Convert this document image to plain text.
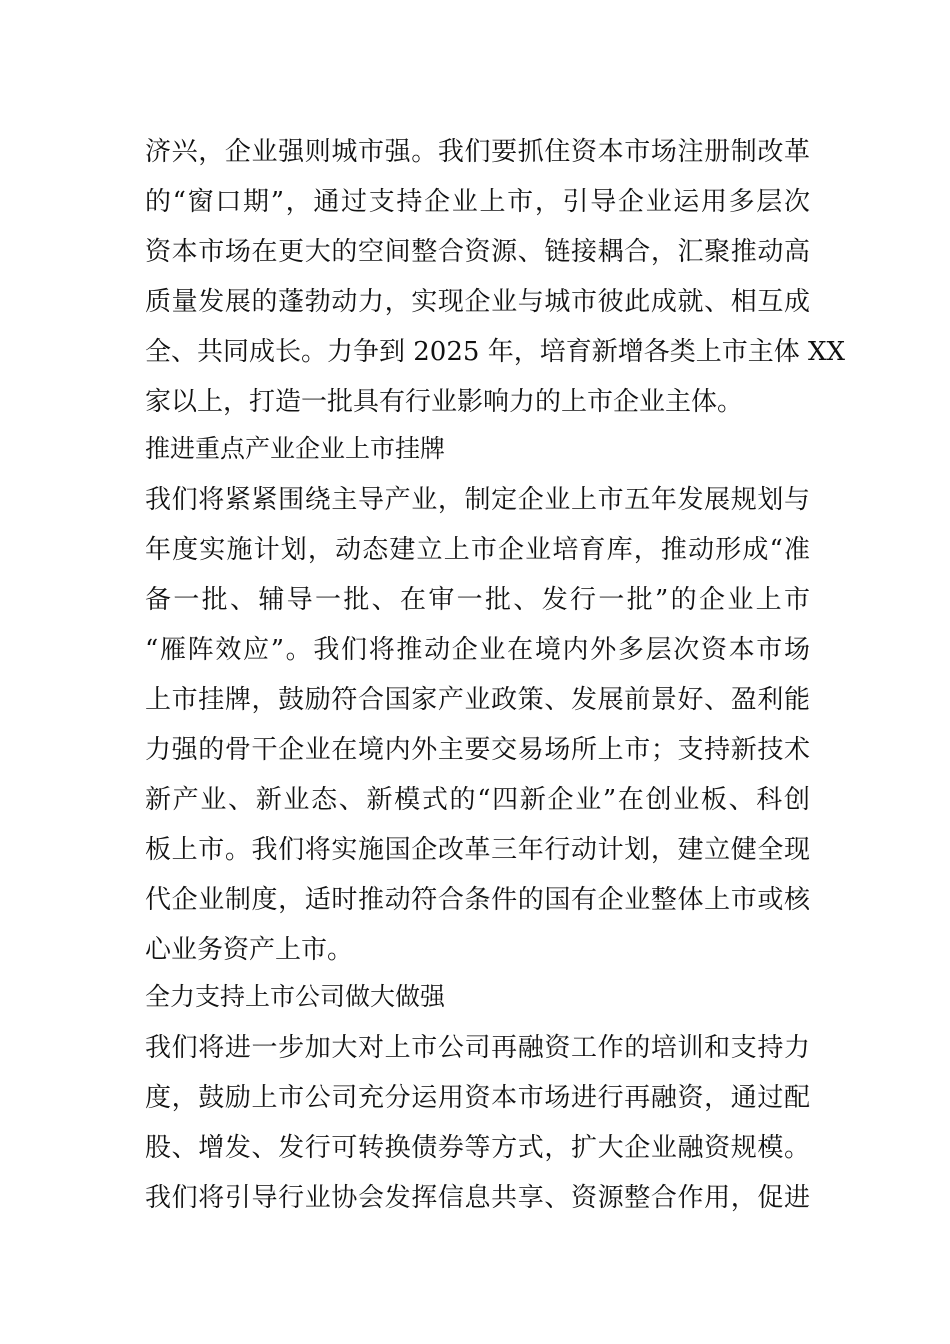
济兴，企业强则城市强。我们要抓住资本市场注册制改革
的“窗口期”，通过支持企业上市，引导企业运用多层次
资本市场在更大的空间整合资源、链接耦合，汇聚推动高
质量发展的蓬勃动力，实现企业与城市彼此成就、相互成
全、共同成长。力争到 2025 年，培育新增各类上市主体 XX
家以上，打造一批具有行业影响力的上市企业主体。
推进重点产业企业上市挂牌
我们将紧紧围绕主导产业，制定企业上市五年发展规划与
年度实施计划，动态建立上市企业培育库，推动形成“准
备一批、辅导一批、在审一批、发行一批”的企业上市
“雁阵效应”。我们将推动企业在境内外多层次资本市场
上市挂牌，鼓励符合国家产业政策、发展前景好、盈利能
力强的骨干企业在境内外主要交易场所上市；支持新技术
新产业、新业态、新模式的“四新企业”在创业板、科创
板上市。我们将实施国企改革三年行动计划，建立健全现
代企业制度，适时推动符合条件的国有企业整体上市或核
心业务资产上市。
全力支持上市公司做大做强
我们将进一步加大对上市公司再融资工作的培训和支持力
度，鼓励上市公司充分运用资本市场进行再融资，通过配
股、增发、发行可转换债券等方式，扩大企业融资规模。
我们将引导行业协会发挥信息共享、资源整合作用，促进
